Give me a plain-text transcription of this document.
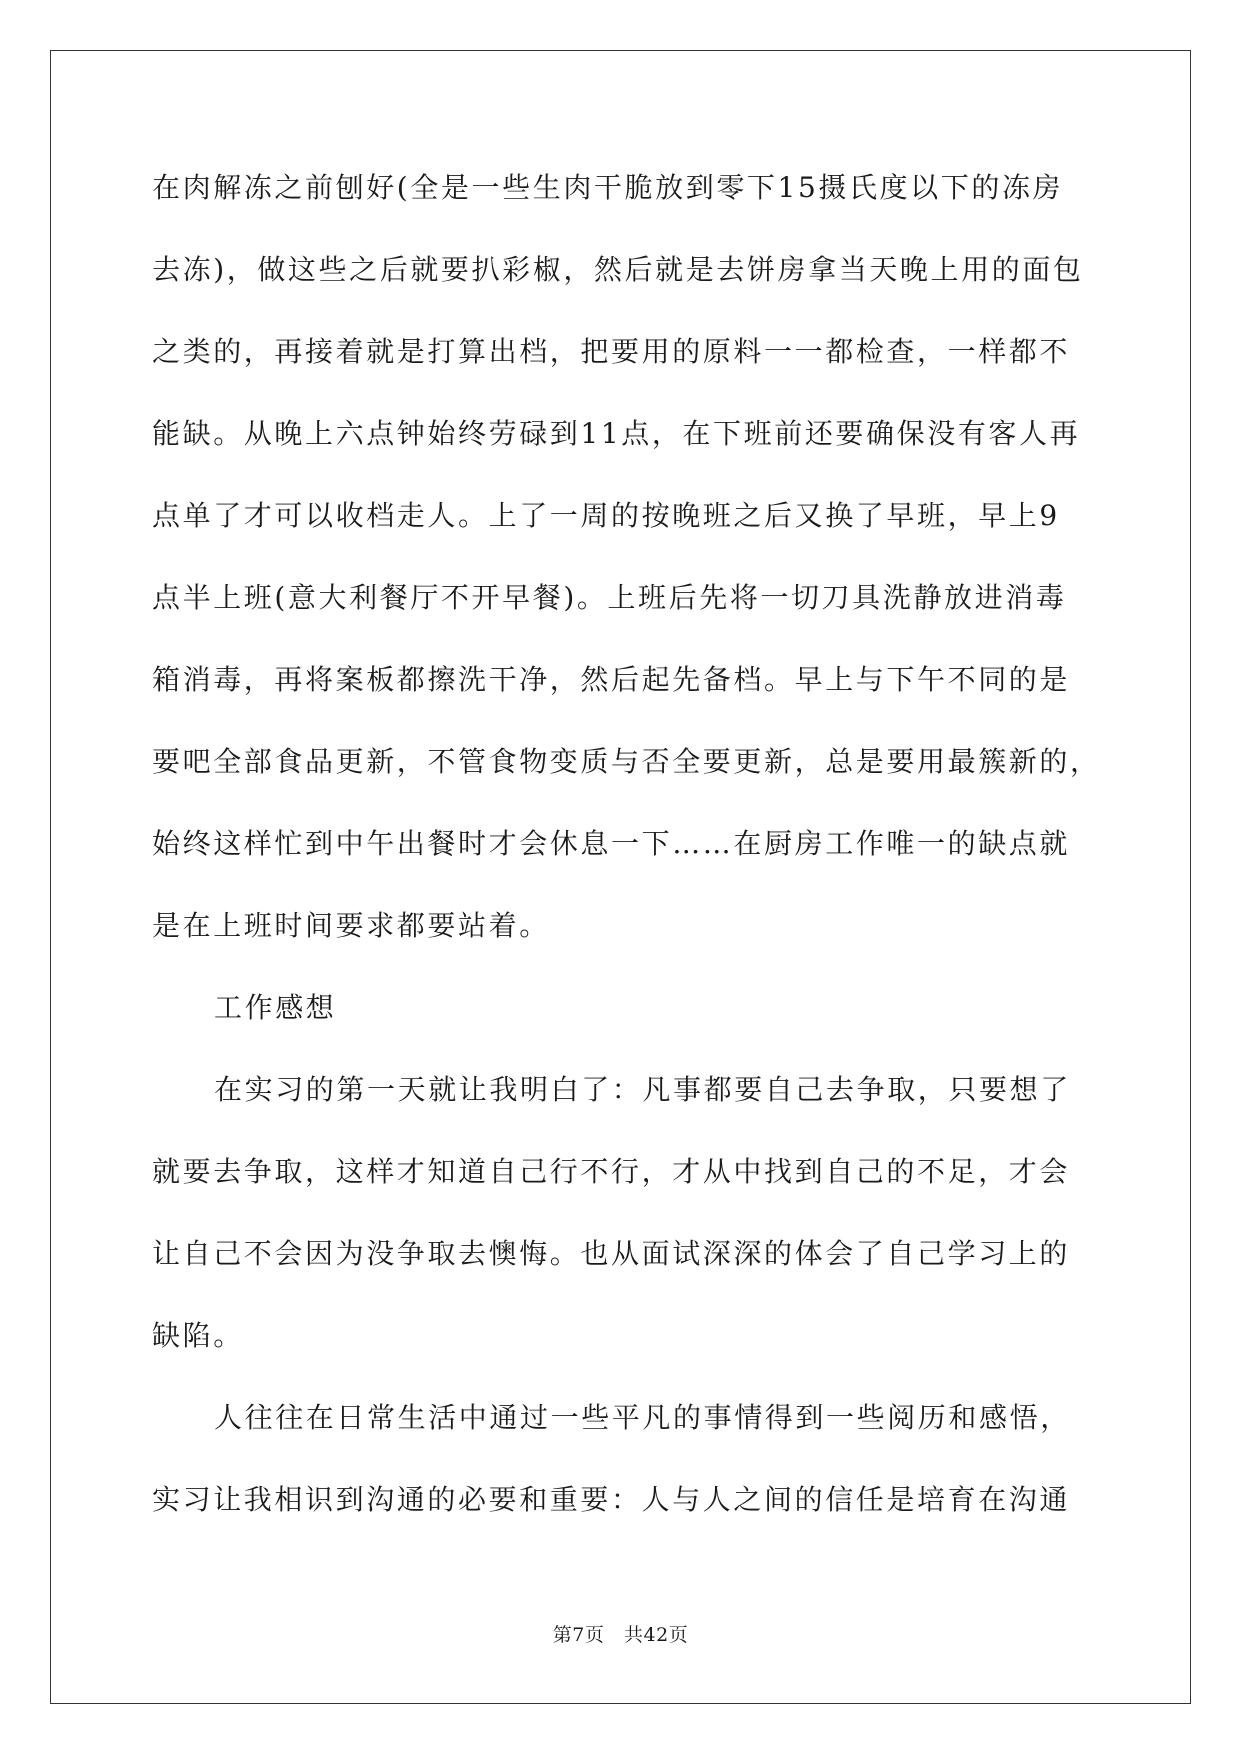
在肉解冻之前刨好(全是一些生肉干脆放到零下15摄氏度以下的冻房
去冻)，做这些之后就要扒彩椒，然后就是去饼房拿当天晚上用的面包
之类的，再接着就是打算出档，把要用的原料一一都检查，一样都不
能缺。从晚上六点钟始终劳碌到11点，在下班前还要确保没有客人再
点单了才可以收档走人。上了一周的按晚班之后又换了早班，早上9
点半上班(意大利餐厅不开早餐)。上班后先将一切刀具洗静放进消毒
箱消毒，再将案板都擦洗干净，然后起先备档。早上与下午不同的是
要吧全部食品更新，不管食物变质与否全要更新，总是要用最簇新的，
始终这样忙到中午出餐时才会休息一下……在厨房工作唯一的缺点就
是在上班时间要求都要站着。
工作感想
在实习的第一天就让我明白了：凡事都要自己去争取，只要想了
就要去争取，这样才知道自己行不行，才从中找到自己的不足，才会
让自己不会因为没争取去懊悔。也从面试深深的体会了自己学习上的
缺陷。
人往往在日常生活中通过一些平凡的事情得到一些阅历和感悟，
实习让我相识到沟通的必要和重要：人与人之间的信任是培育在沟通
第7页 共42页
